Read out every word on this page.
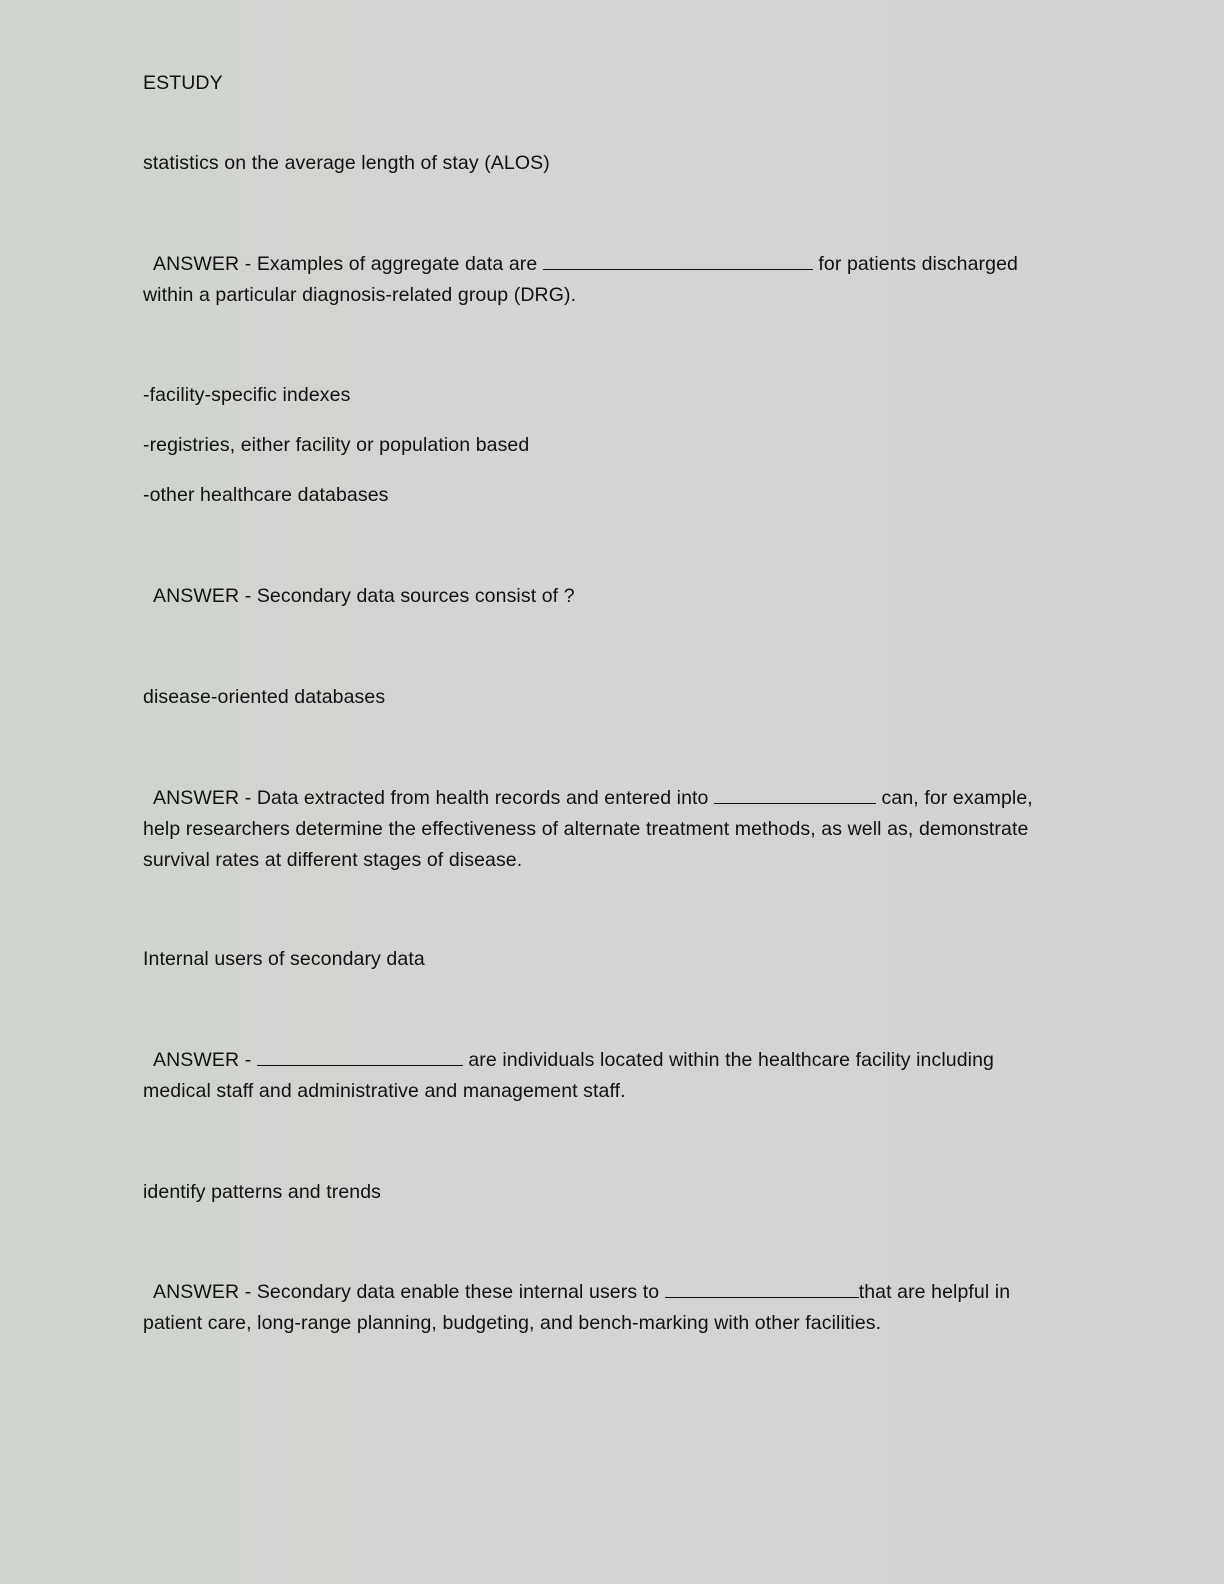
ESTUDY
statistics on the average length of stay (ALOS)
ANSWER - Examples of aggregate data are	for patients discharged
within a particular diagnosis-related group (DRG).
-facility-specific indexes
-registries, either facility or population based
-other healthcare databases
ANSWER - Secondary data sources consist of ?
disease-oriented databases
ANSWER - Data extracted from health records and entered into	can, for example,
help researchers determine the effectiveness of alternate treatment methods, as well as, demonstrate
survival rates at different stages of disease.
Internal users of secondary data
ANSWER -	are individuals located within the healthcare facility including
medical staff and administrative and management staff.
identify patterns and trends
ANSWER - Secondary data enable these internal users to	that are helpful in
patient care, long-range planning, budgeting, and bench-marking with other facilities.
